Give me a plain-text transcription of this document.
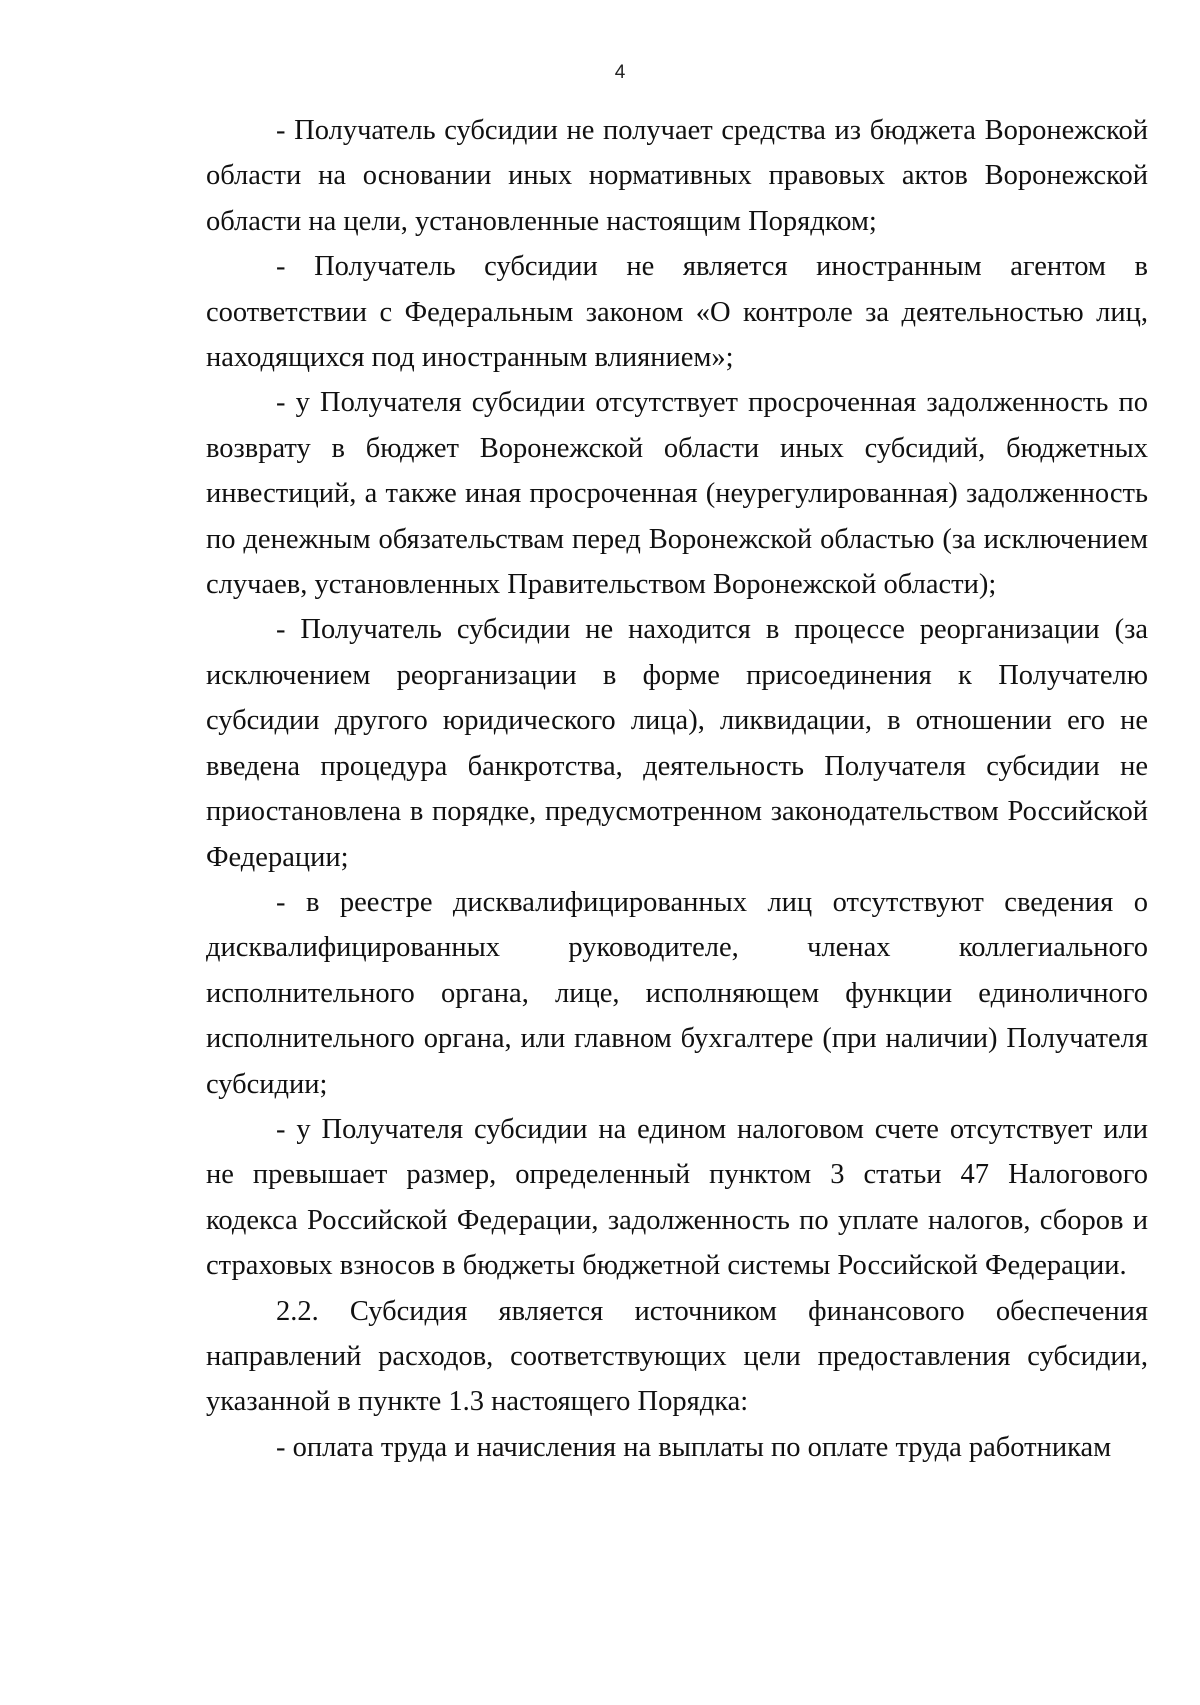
4

- Получатель субсидии не получает средства из бюджета Воронежской области на основании иных нормативных правовых актов Воронежской области на цели, установленные настоящим Порядком;

- Получатель субсидии не является иностранным агентом в соответствии с Федеральным законом «О контроле за деятельностью лиц, находящихся под иностранным влиянием»;

- у Получателя субсидии отсутствует просроченная задолженность по возврату в бюджет Воронежской области иных субсидий, бюджетных инвестиций, а также иная просроченная (неурегулированная) задолженность по денежным обязательствам перед Воронежской областью (за исключением случаев, установленных Правительством Воронежской области);

- Получатель субсидии не находится в процессе реорганизации (за исключением реорганизации в форме присоединения к Получателю субсидии другого юридического лица), ликвидации, в отношении его не введена процедура банкротства, деятельность Получателя субсидии не приостановлена в порядке, предусмотренном законодательством Российской Федерации;

- в реестре дисквалифицированных лиц отсутствуют сведения о дисквалифицированных руководителе, членах коллегиального исполнительного органа, лице, исполняющем функции единоличного исполнительного органа, или главном бухгалтере (при наличии) Получателя субсидии;

- у Получателя субсидии на едином налоговом счете отсутствует или не превышает размер, определенный пунктом 3 статьи 47 Налогового кодекса Российской Федерации, задолженность по уплате налогов, сборов и страховых взносов в бюджеты бюджетной системы Российской Федерации.

2.2. Субсидия является источником финансового обеспечения направлений расходов, соответствующих цели предоставления субсидии, указанной в пункте 1.3 настоящего Порядка:

- оплата труда и начисления на выплаты по оплате труда работникам
